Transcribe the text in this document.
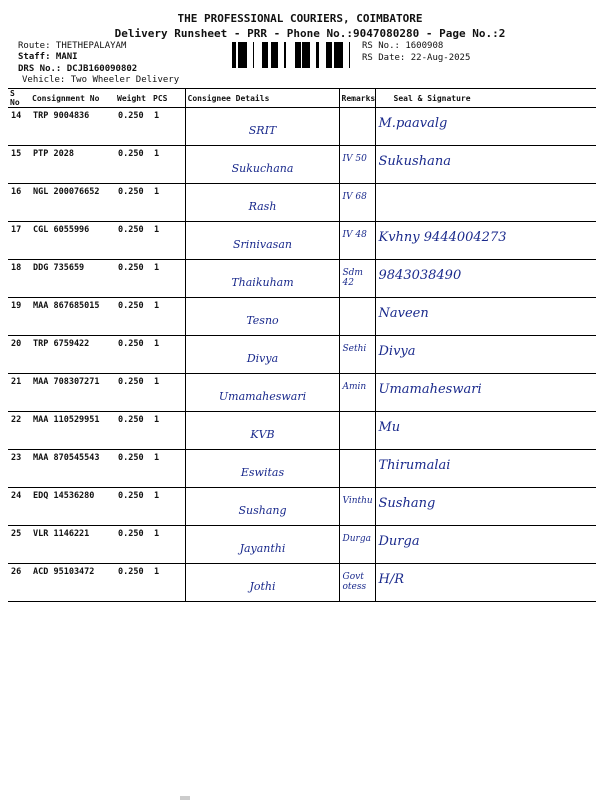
THE PROFESSIONAL COURIERS, COIMBATORE
Delivery Runsheet - PRR - Phone No.:9047080280 - Page No.:2
Route: THETHEPALAYAM
Staff: MANI
DRS No.: DCJB160090802
Vehicle: Two Wheeler Delivery
RS No.: 1600908
RS Date: 22-Aug-2025
S No	Consignment No	Weight	PCS	Consignee Details	Remarks	Seal & Signature
14	TRP 9004836	0.250	1	SRIT		M.paavalg
15	PTP 2028	0.250	1	Sukuchana	IV 50	Sukushana
16	NGL 200076652	0.250	1	Rash	IV 68	
17	CGL 6055996	0.250	1	Srinivasan	IV 48	Kvhny 9444004273
18	DDG 735659	0.250	1	Thaikuham	Sdm 42	9843038490
19	MAA 867685015	0.250	1	Tesno		Naveen
20	TRP 6759422	0.250	1	Divya	Sethi	Divya
21	MAA 708307271	0.250	1	Umamaheswari	Amin	Umamaheswari
22	MAA 110529951	0.250	1	KVB		Mu
23	MAA 870545543	0.250	1	Eswitas		Thirumalai
24	EDQ 14536280	0.250	1	Sushang	Vinthu	Sushang
25	VLR 1146221	0.250	1	Jayanthi	Durga	Durga
26	ACD 95103472	0.250	1	Jothi	Govt otess	H/R
